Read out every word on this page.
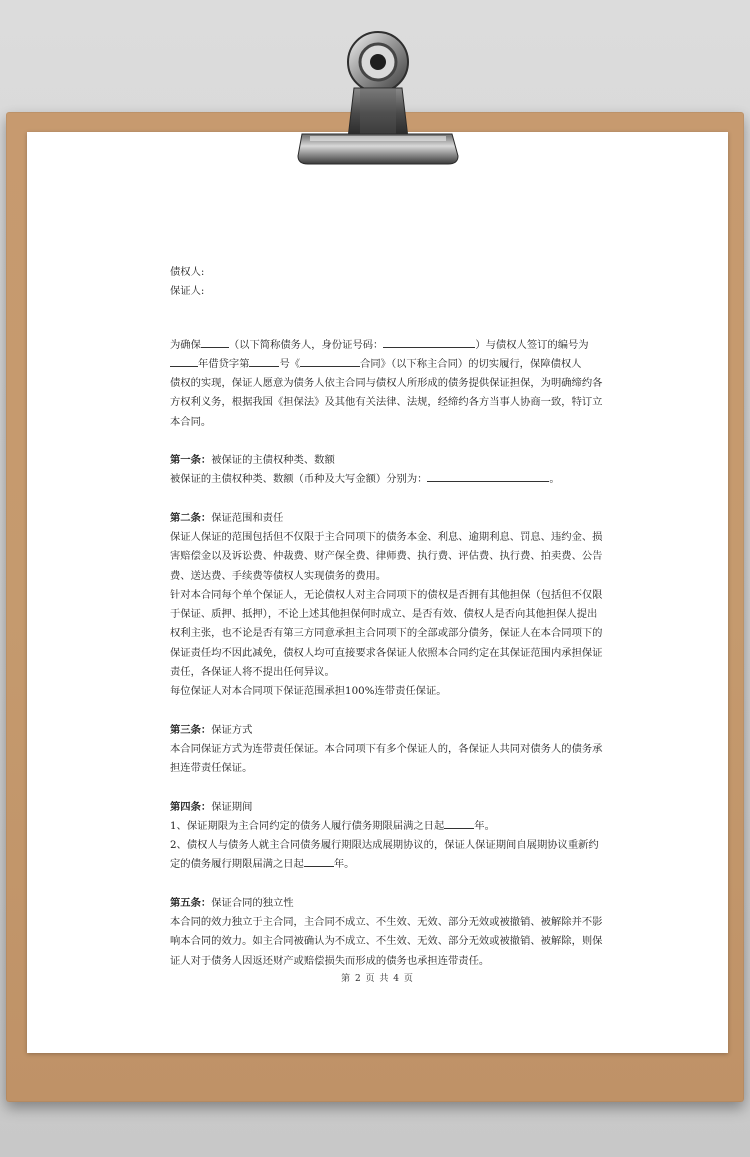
债权人:
保证人:
为确保	（以下简称债务人，身份证号码：	）与债权人签订的编号为
年借贷字第	号《	合同》（以下称主合同）的切实履行，保障债权人
债权的实现，保证人愿意为债务人依主合同与债权人所形成的债务提供保证担保，为明确缔约各
方权利义务，根据我国《担保法》及其他有关法律、法规，经缔约各方当事人协商一致，特订立
本合同。
第一条：被保证的主债权种类、数额
被保证的主债权种类、数额（币种及大写金额）分别为：	。
第二条：保证范围和责任
保证人保证的范围包括但不仅限于主合同项下的债务本金、利息、逾期利息、罚息、违约金、损
害赔偿金以及诉讼费、仲裁费、财产保全费、律师费、执行费、评估费、执行费、拍卖费、公告
费、送达费、手续费等债权人实现债务的费用。
针对本合同每个单个保证人，无论债权人对主合同项下的债权是否拥有其他担保（包括但不仅限
于保证、质押、抵押），不论上述其他担保何时成立、是否有效、债权人是否向其他担保人提出
权利主张，也不论是否有第三方同意承担主合同项下的全部或部分债务，保证人在本合同项下的
保证责任均不因此减免，债权人均可直接要求各保证人依照本合同约定在其保证范围内承担保证
责任，各保证人将不提出任何异议。
每位保证人对本合同项下保证范围承担100%连带责任保证。
第三条：保证方式
本合同保证方式为连带责任保证。本合同项下有多个保证人的，各保证人共同对债务人的债务承
担连带责任保证。
第四条：保证期间
1、保证期限为主合同约定的债务人履行债务期限届满之日起	年。
2、债权人与债务人就主合同债务履行期限达成展期协议的，保证人保证期间自展期协议重新约
定的债务履行期限届满之日起	年。
第五条：保证合同的独立性
本合同的效力独立于主合同，主合同不成立、不生效、无效、部分无效或被撤销、被解除并不影
响本合同的效力。如主合同被确认为不成立、不生效、无效、部分无效或被撤销、被解除，则保
证人对于债务人因返还财产或赔偿损失而形成的债务也承担连带责任。
第 2 页 共 4 页
